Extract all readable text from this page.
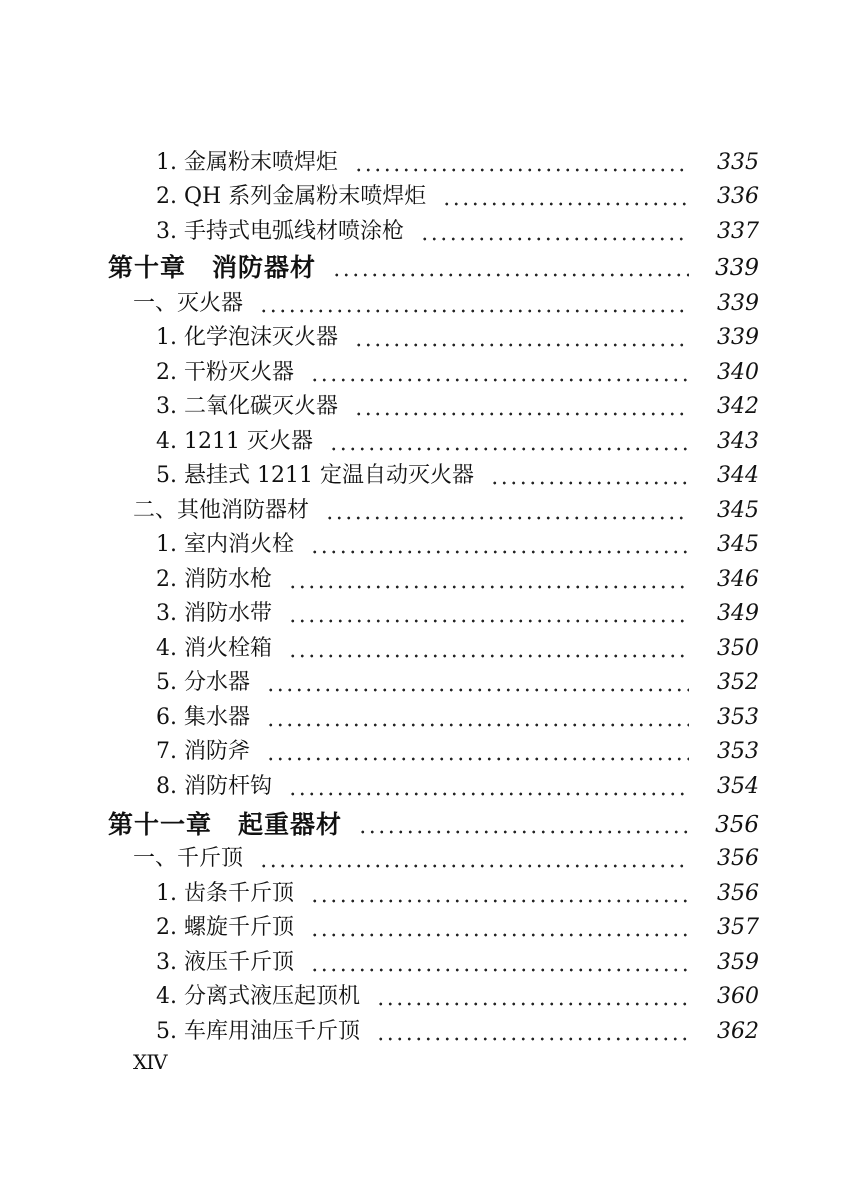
1. 金属粉末喷焊炬	335
2. QH 系列金属粉末喷焊炬	336
3. 手持式电弧线材喷涂枪	337
第十章　消防器材	339
一、灭火器	339
1. 化学泡沫灭火器	339
2. 干粉灭火器	340
3. 二氧化碳灭火器	342
4. 1211 灭火器	343
5. 悬挂式 1211 定温自动灭火器	344
二、其他消防器材	345
1. 室内消火栓	345
2. 消防水枪	346
3. 消防水带	349
4. 消火栓箱	350
5. 分水器	352
6. 集水器	353
7. 消防斧	353
8. 消防杆钩	354
第十一章　起重器材	356
一、千斤顶	356
1. 齿条千斤顶	356
2. 螺旋千斤顶	357
3. 液压千斤顶	359
4. 分离式液压起顶机	360
5. 车库用油压千斤顶	362
XIV
